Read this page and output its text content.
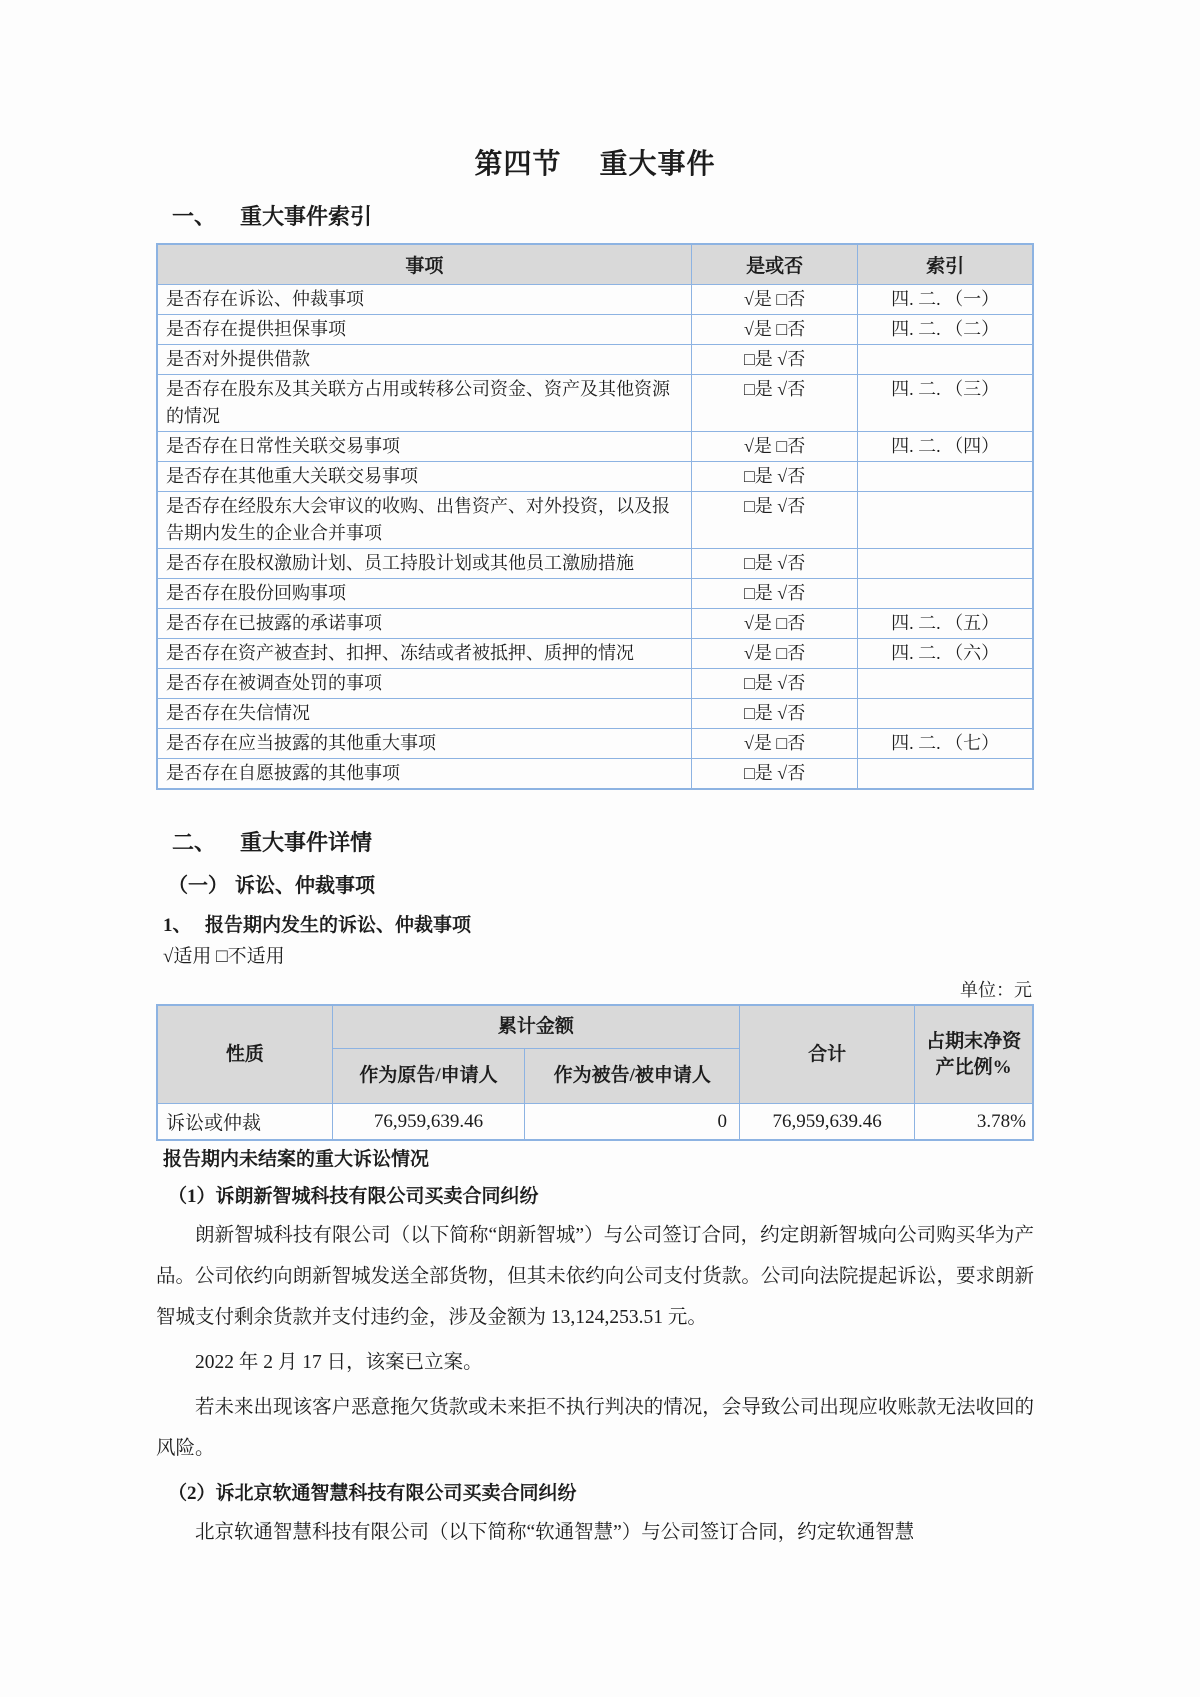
第四节 重大事件
一、 重大事件索引
事项	是或否	索引
是否存在诉讼、仲裁事项	√是 □否	四. 二. （一）
是否存在提供担保事项	√是 □否	四. 二. （二）
是否对外提供借款	□是 √否	
是否存在股东及其关联方占用或转移公司资金、资产及其他资源的情况	□是 √否	四. 二. （三）
是否存在日常性关联交易事项	√是 □否	四. 二. （四）
是否存在其他重大关联交易事项	□是 √否	
是否存在经股东大会审议的收购、出售资产、对外投资，以及报告期内发生的企业合并事项	□是 √否	
是否存在股权激励计划、员工持股计划或其他员工激励措施	□是 √否	
是否存在股份回购事项	□是 √否	
是否存在已披露的承诺事项	√是 □否	四. 二. （五）
是否存在资产被查封、扣押、冻结或者被抵押、质押的情况	√是 □否	四. 二. （六）
是否存在被调查处罚的事项	□是 √否	
是否存在失信情况	□是 √否	
是否存在应当披露的其他重大事项	√是 □否	四. 二. （七）
是否存在自愿披露的其他事项	□是 √否	
二、 重大事件详情
（一） 诉讼、仲裁事项
1、 报告期内发生的诉讼、仲裁事项
√适用 □不适用
单位：元
性质	累计金额		合计	占期末净资产比例%
	作为原告/申请人	作为被告/被申请人		
诉讼或仲裁	76,959,639.46	0	76,959,639.46	3.78%

报告期内未结案的重大诉讼情况

（1）诉朗新智城科技有限公司买卖合同纠纷

朗新智城科技有限公司（以下简称“朗新智城”）与公司签订合同，约定朗新智城向公司购买华为产品。公司依约向朗新智城发送全部货物，但其未依约向公司支付货款。公司向法院提起诉讼，要求朗新智城支付剩余货款并支付违约金，涉及金额为 13,124,253.51 元。

2022 年 2 月 17 日，该案已立案。

若未来出现该客户恶意拖欠货款或未来拒不执行判决的情况，会导致公司出现应收账款无法收回的风险。

（2）诉北京软通智慧科技有限公司买卖合同纠纷

北京软通智慧科技有限公司（以下简称“软通智慧”）与公司签订合同，约定软通智慧
